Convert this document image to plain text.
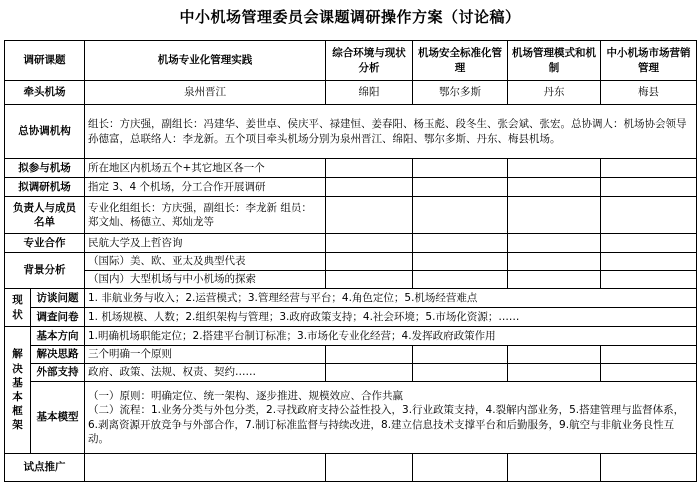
中小机场管理委员会课题调研操作方案（讨论稿）
调研课题		机场专业化管理实践	综合环境与现状分析	机场安全标准化管理	机场管理模式和机制	中小机场市场营销管理
牵头机场		泉州晋江	绵阳	鄂尔多斯	丹东	梅县
总协调机构		组长：方庆强，副组长：冯建华、姜世卓、侯庆平、禄建恒、姜春阳、杨玉彪、段冬生、张会斌、张宏。总协调人：机场协会领导孙德富，总联络人：李龙新。五个项目牵头机场分别为泉州晋江、绵阳、鄂尔多斯、丹东、梅县机场。				
拟参与机场		所在地区内机场五个+其它地区各一个				
拟调研机场		指定 3、4 个机场，分工合作开展调研				
负责人与成员名单		专业化组组长：方庆强，副组长：李龙新 组员：郑文灿、杨德立、郑灿龙等				
专业合作		民航大学及上哲咨询				
背景分析		（国际）美、欧、亚太及典型代表				
		（国内）大型机场与中小机场的探索				

现状	访谈问题	1. 非航业务与收入；2.运营模式；3.管理经营与平台；4.角色定位；5.机场经营难点				
	调查问卷	1. 机场规模、人数；2.组织架构与管理；3.政府政策支持；4.社会环境；5.市场化资源；……				

解决基本框架	基本方向	1.明确机场职能定位；2.搭建平台制订标准；3.市场化专业化经营；4.发挥政府政策作用				
	解决思路	三个明确一个原则				
	外部支持	政府、政策、法规、权责、契约……				
	基本模型	（一）原则：明确定位、统一架构、逐步推进、规模效应、合作共赢
（二）流程：1.业务分类与外包分类，2.寻找政府支持公益性投入，3.行业政策支持，4.裂解内部业务，5.搭建管理与监督体系，6.剥离资源开放竞争与外部合作，7.制订标准监督与持续改进，8.建立信息技术支撑平台和后勤服务，9.航空与非航业务良性互动。				

试点推广						
